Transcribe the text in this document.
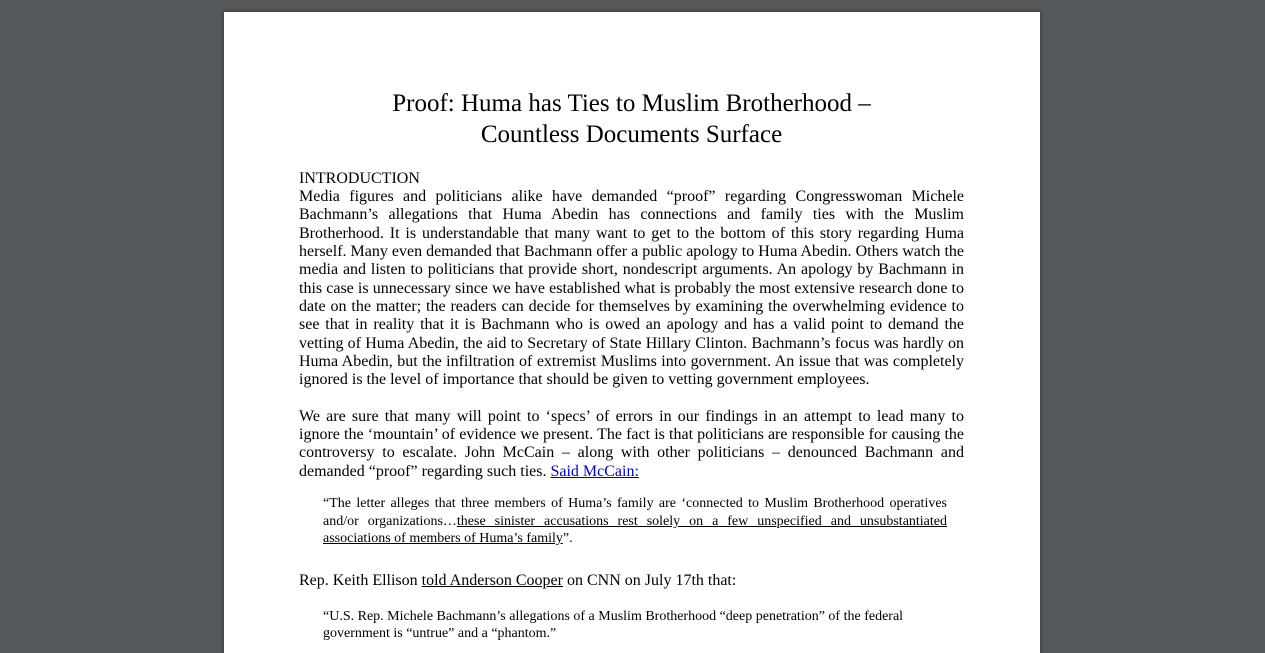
Proof: Huma has Ties to Muslim Brotherhood –
Countless Documents Surface

INTRODUCTION

Media figures and politicians alike have demanded “proof” regarding Congresswoman Michele Bachmann’s allegations that Huma Abedin has connections and family ties with the Muslim Brotherhood. It is understandable that many want to get to the bottom of this story regarding Huma herself. Many even demanded that Bachmann offer a public apology to Huma Abedin. Others watch the media and listen to politicians that provide short, nondescript arguments. An apology by Bachmann in this case is unnecessary since we have established what is probably the most extensive research done to date on the matter; the readers can decide for themselves by examining the overwhelming evidence to see that in reality that it is Bachmann who is owed an apology and has a valid point to demand the vetting of Huma Abedin, the aid to Secretary of State Hillary Clinton. Bachmann’s focus was hardly on Huma Abedin, but the infiltration of extremist Muslims into government. An issue that was completely ignored is the level of importance that should be given to vetting government employees.

We are sure that many will point to ‘specs’ of errors in our findings in an attempt to lead many to ignore the ‘mountain’ of evidence we present. The fact is that politicians are responsible for causing the controversy to escalate. John McCain – along with other politicians – denounced Bachmann and demanded “proof” regarding such ties. Said McCain:

“The letter alleges that three members of Huma’s family are ‘connected to Muslim Brotherhood operatives and/or organizations…these sinister accusations rest solely on a few unspecified and unsubstantiated associations of members of Huma’s family”.

Rep. Keith Ellison told Anderson Cooper on CNN on July 17th that:

“U.S. Rep. Michele Bachmann’s allegations of a Muslim Brotherhood “deep penetration” of the federal government is “untrue” and a “phantom.”
